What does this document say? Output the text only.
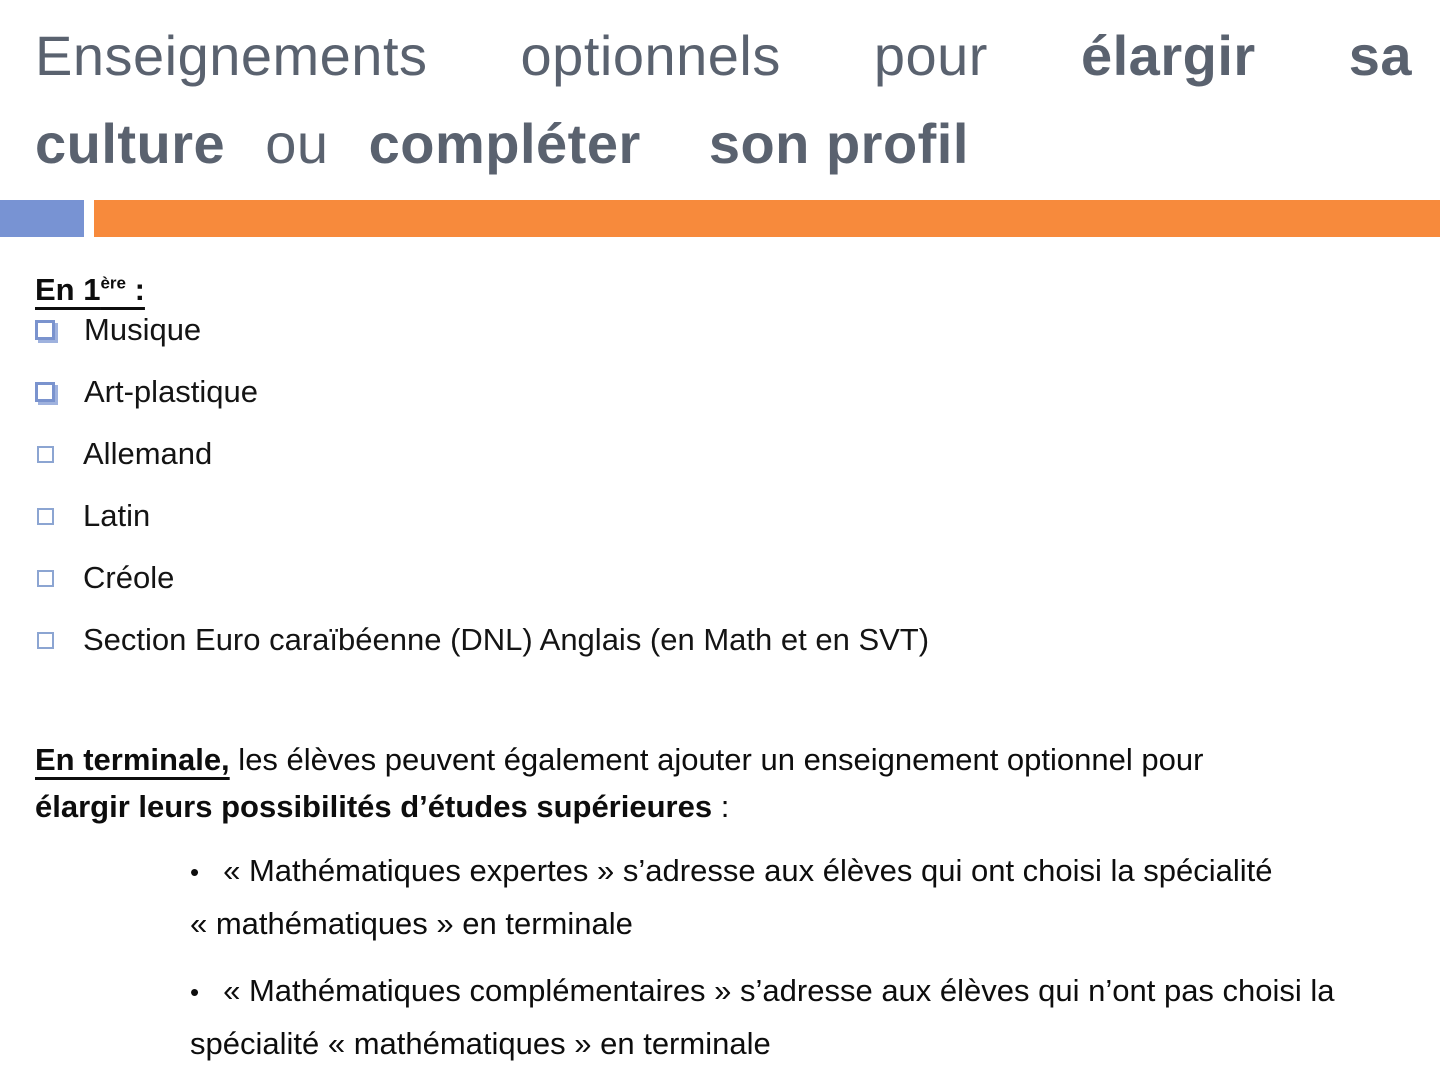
Enseignements optionnels pour élargir sa
culture ou compléter son profil
En 1ère :
Musique
Art-plastique
Allemand
Latin
Créole
Section Euro caraïbéenne (DNL) Anglais (en Math et en SVT)
En terminale, les élèves peuvent également ajouter un enseignement optionnel pour
élargir leurs possibilités d’études supérieures :

• « Mathématiques expertes » s’adresse aux élèves qui ont choisi la spécialité « mathématiques » en terminale

• « Mathématiques complémentaires » s’adresse aux élèves qui n’ont pas choisi la spécialité « mathématiques » en terminale
